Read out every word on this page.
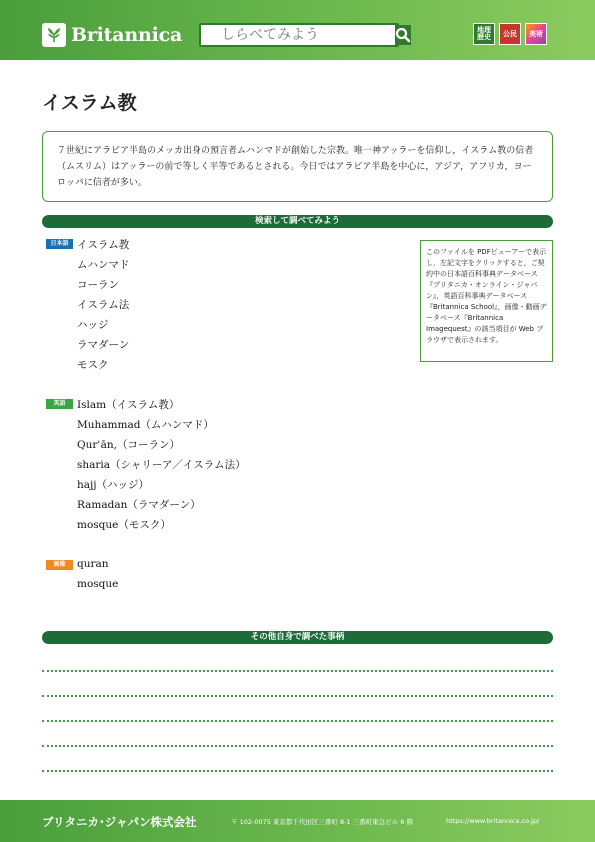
Britannica
しらべてみよう	地理歴史	公民	美術
イスラム教
７世紀にアラビア半島のメッカ出身の預言者ムハンマドが創始した宗教。唯一神アッラーを信仰し，イスラム教の信者（ムスリム）はアッラーの前で等しく平等であるとされる。今日ではアラビア半島を中心に，アジア，アフリカ，ヨーロッパに信者が多い。
検索して調べてみよう
日本語 イスラム教
ムハンマド
コーラン
イスラム法
ハッジ
ラマダーン
モスク
このファイルを PDFビューアーで表示し，左記文字をクリックすると，ご契約中の日本語百科事典データベース『ブリタニカ・オンライン・ジャパン』，英語百科事典データベース『Britannica School』，画像・動画データベース『Britannica Imagequest』の該当項目が Web ブラウザで表示されます。
英語	Islam（イスラム教）
Muhammad（ムハンマド）
Qurʾān,（コーラン）
sharia（シャリーア／イスラム法）
hajj（ハッジ）
Ramadan（ラマダーン）
mosque（モスク）
画像	quran
mosque
その他自身で調べた事柄
ブリタニカ･ジャパン株式会社	〒 102-0075 東京都千代田区三番町 8-1 三番町東急ビル 6 階	https://www.britannica.co.jp/
